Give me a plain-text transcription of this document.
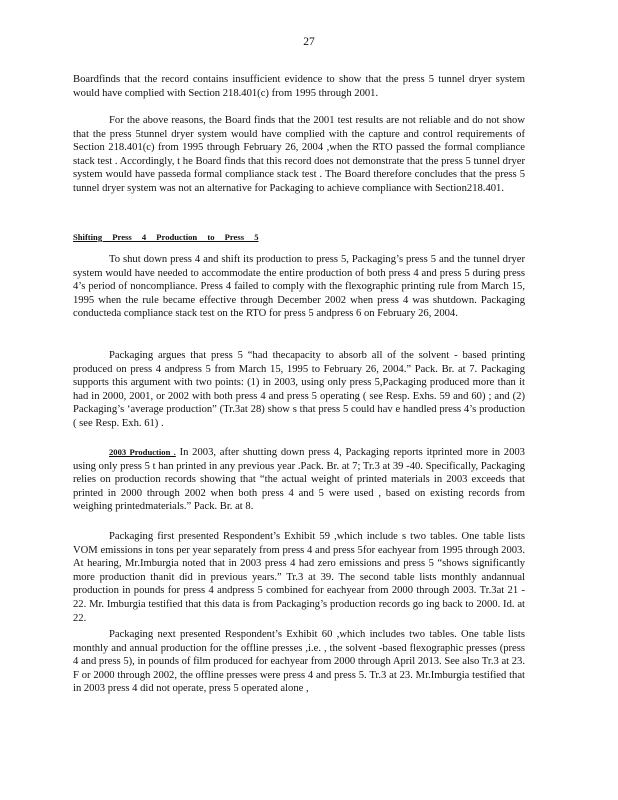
27

Boardfinds that the record contains insufficient evidence to show that the press 5 tunnel dryer system would have complied with Section 218.401(c) from 1995 through 2001.

For the above reasons, the Board finds that the 2001 test results are not reliable and do not show that the press 5tunnel dryer system would have complied with the capture and control requirements of Section 218.401(c) from 1995 through February 26, 2004 ,when the RTO passed the formal compliance stack test . Accordingly, t he Board finds that this record does not demonstrate that the press 5 tunnel dryer system would have passeda formal compliance stack test . The Board therefore concludes that the press 5 tunnel dryer system was not an alternative for Packaging to achieve compliance with Section218.401.

Shifting Press 4 Production to Press 5

To shut down press 4 and shift its production to press 5, Packaging’s press 5 and the tunnel dryer system would have needed to accommodate the entire production of both press 4 and press 5 during press 4’s period of noncompliance. Press 4 failed to comply with the flexographic printing rule from March 15, 1995 when the rule became effective through December 2002 when press 4 was shutdown. Packaging conducteda compliance stack test on the RTO for press 5 andpress 6 on February 26, 2004.

Packaging argues that press 5 “had thecapacity to absorb all of the solvent - based printing produced on press 4 andpress 5 from March 15, 1995 to February 26, 2004.” Pack. Br. at 7. Packaging supports this argument with two points: (1) in 2003, using only press 5,Packaging produced more than it had in 2000, 2001, or 2002 with both press 4 and press 5 operating ( see Resp. Exhs. 59 and 60) ; and (2) Packaging’s ‘average production” (Tr.3at 28) show s that press 5 could hav e handled press 4’s production ( see Resp. Exh. 61) .

2003 Production . In 2003, after shutting down press 4, Packaging reports itprinted more in 2003 using only press 5 t han printed in any previous year .Pack. Br. at 7; Tr.3 at 39 -40. Specifically, Packaging relies on production records showing that “the actual weight of printed materials in 2003 exceeds that printed in 2000 through 2002 when both press 4 and 5 were used , based on existing records from weighing printedmaterials.” Pack. Br. at 8.

Packaging first presented Respondent’s Exhibit 59 ,which include s two tables. One table lists VOM emissions in tons per year separately from press 4 and press 5for eachyear from 1995 through 2003. At hearing, Mr.Imburgia noted that in 2003 press 4 had zero emissions and press 5 “shows significantly more production thanit did in previous years.” Tr.3 at 39. The second table lists monthly andannual production in pounds for press 4 andpress 5 combined for eachyear from 2000 through 2003. Tr.3at 21 - 22. Mr. Imburgia testified that this data is from Packaging’s production records go ing back to 2000. Id. at 22.

Packaging next presented Respondent’s Exhibit 60 ,which includes two tables. One table lists monthly and annual production for the offline presses ,i.e. , the solvent -based flexographic presses (press 4 and press 5), in pounds of film produced for eachyear from 2000 through April 2013. See also Tr.3 at 23. F or 2000 through 2002, the offline presses were press 4 and press 5. Tr.3 at 23. Mr.Imburgia testified that in 2003 press 4 did not operate, press 5 operated alone ,
